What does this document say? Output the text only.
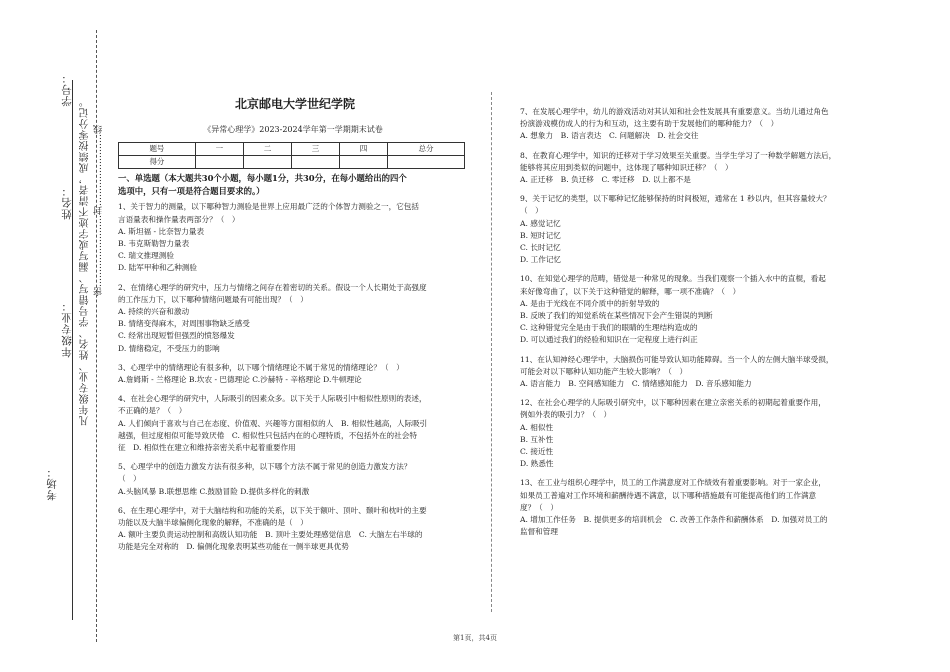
考场：
年级专业：
姓名：
学号：
凡年级专业、姓名、学号错写、漏写或字迹不清者，成绩按零分记。 密……………………封……………………线
北京邮电大学世纪学院
《异常心理学》2023-2024学年第一学期期末试卷
题号	一	二	三	四	总分
得分					
一、单选题（本大题共30个小题，每小题1分，共30分，在每小题给出的四个
选项中，只有一项是符合题目要求的。）
1、关于智力的测量，以下哪种智力测验是世界上应用最广泛的个体智力测验之一，它包括
言语量表和操作量表两部分？（　）
A. 斯坦福 - 比奈智力量表
B. 韦克斯勒智力量表
C. 瑞文推理测验
D. 陆军甲种和乙种测验
2、在情绪心理学的研究中，压力与情绪之间存在着密切的关系。假设一个人长期处于高强度
的工作压力下，以下哪种情绪问题最有可能出现？（　）
A. 持续的兴奋和激动
B. 情绪变得麻木，对周围事物缺乏感受
C. 经常出现短暂但强烈的愤怒爆发
D. 情绪稳定，不受压力的影响
3、心理学中的情绪理论有很多种，以下哪个情绪理论不属于常见的情绪理论？（　）
A.詹姆斯 - 兰格理论 B.坎农 - 巴德理论 C.沙赫特 - 辛格理论 D.牛顿理论
4、在社会心理学的研究中，人际吸引的因素众多。以下关于人际吸引中相似性原则的表述，
不正确的是？（　）
A. 人们倾向于喜欢与自己在态度、价值观、兴趣等方面相似的人　B. 相似性越高，人际吸引
越强，但过度相似可能导致厌倦　C. 相似性只包括内在的心理特质，不包括外在的社会特
征　D. 相似性在建立和维持亲密关系中起着重要作用
5、心理学中的创造力激发方法有很多种，以下哪个方法不属于常见的创造力激发方法？
（　）
A.头脑风暴 B.联想思维 C.鼓励冒险 D.提供多样化的刺激
6、在生理心理学中，对于大脑结构和功能的关系，以下关于额叶、顶叶、颞叶和枕叶的主要
功能以及大脑半球偏侧化现象的解释，不准确的是（　）
A. 额叶主要负责运动控制和高级认知功能　B. 顶叶主要处理感觉信息　C. 大脑左右半球的
功能是完全对称的　D. 偏侧化现象表明某些功能在一侧半球更具优势
7、在发展心理学中，幼儿的游戏活动对其认知和社会性发展具有重要意义。当幼儿通过角色
扮演游戏模仿成人的行为和互动，这主要有助于发展他们的哪种能力？（　）
A. 想象力　B. 语言表达　C. 问题解决　D. 社会交往
8、在教育心理学中，知识的迁移对于学习效果至关重要。当学生学习了一种数学解题方法后，
能够将其应用到类似的问题中，这体现了哪种知识迁移？（　）
A. 正迁移　B. 负迁移　C. 零迁移　D. 以上都不是
9、关于记忆的类型，以下哪种记忆能够保持的时间极短，通常在 1 秒以内，但其容量较大？
（　）
A. 感觉记忆
B. 短时记忆
C. 长时记忆
D. 工作记忆
10、在知觉心理学的范畴，错觉是一种常见的现象。当我们观察一个插入水中的直棍，看起
来好像弯曲了，以下关于这种错觉的解释，哪一项不准确？（　）
A. 是由于光线在不同介质中的折射导致的
B. 反映了我们的知觉系统在某些情况下会产生错误的判断
C. 这种错觉完全是由于我们的眼睛的生理结构造成的
D. 可以通过我们的经验和知识在一定程度上进行纠正
11、在认知神经心理学中，大脑损伤可能导致认知功能障碍。当一个人的左侧大脑半球受损，
可能会对以下哪种认知功能产生较大影响？（　）
A. 语言能力　B. 空间感知能力　C. 情绪感知能力　D. 音乐感知能力
12、在社会心理学的人际吸引研究中，以下哪种因素在建立亲密关系的初期起着重要作用，
例如外表的吸引力？（　）
A. 相似性
B. 互补性
C. 接近性
D. 熟悉性
13、在工业与组织心理学中，员工的工作满意度对工作绩效有着重要影响。对于一家企业，
如果员工普遍对工作环境和薪酬待遇不满意，以下哪种措施最有可能提高他们的工作满意
度？（　）
A. 增加工作任务　B. 提供更多的培训机会　C. 改善工作条件和薪酬体系　D. 加强对员工的
监督和管理
第1页，共4页
